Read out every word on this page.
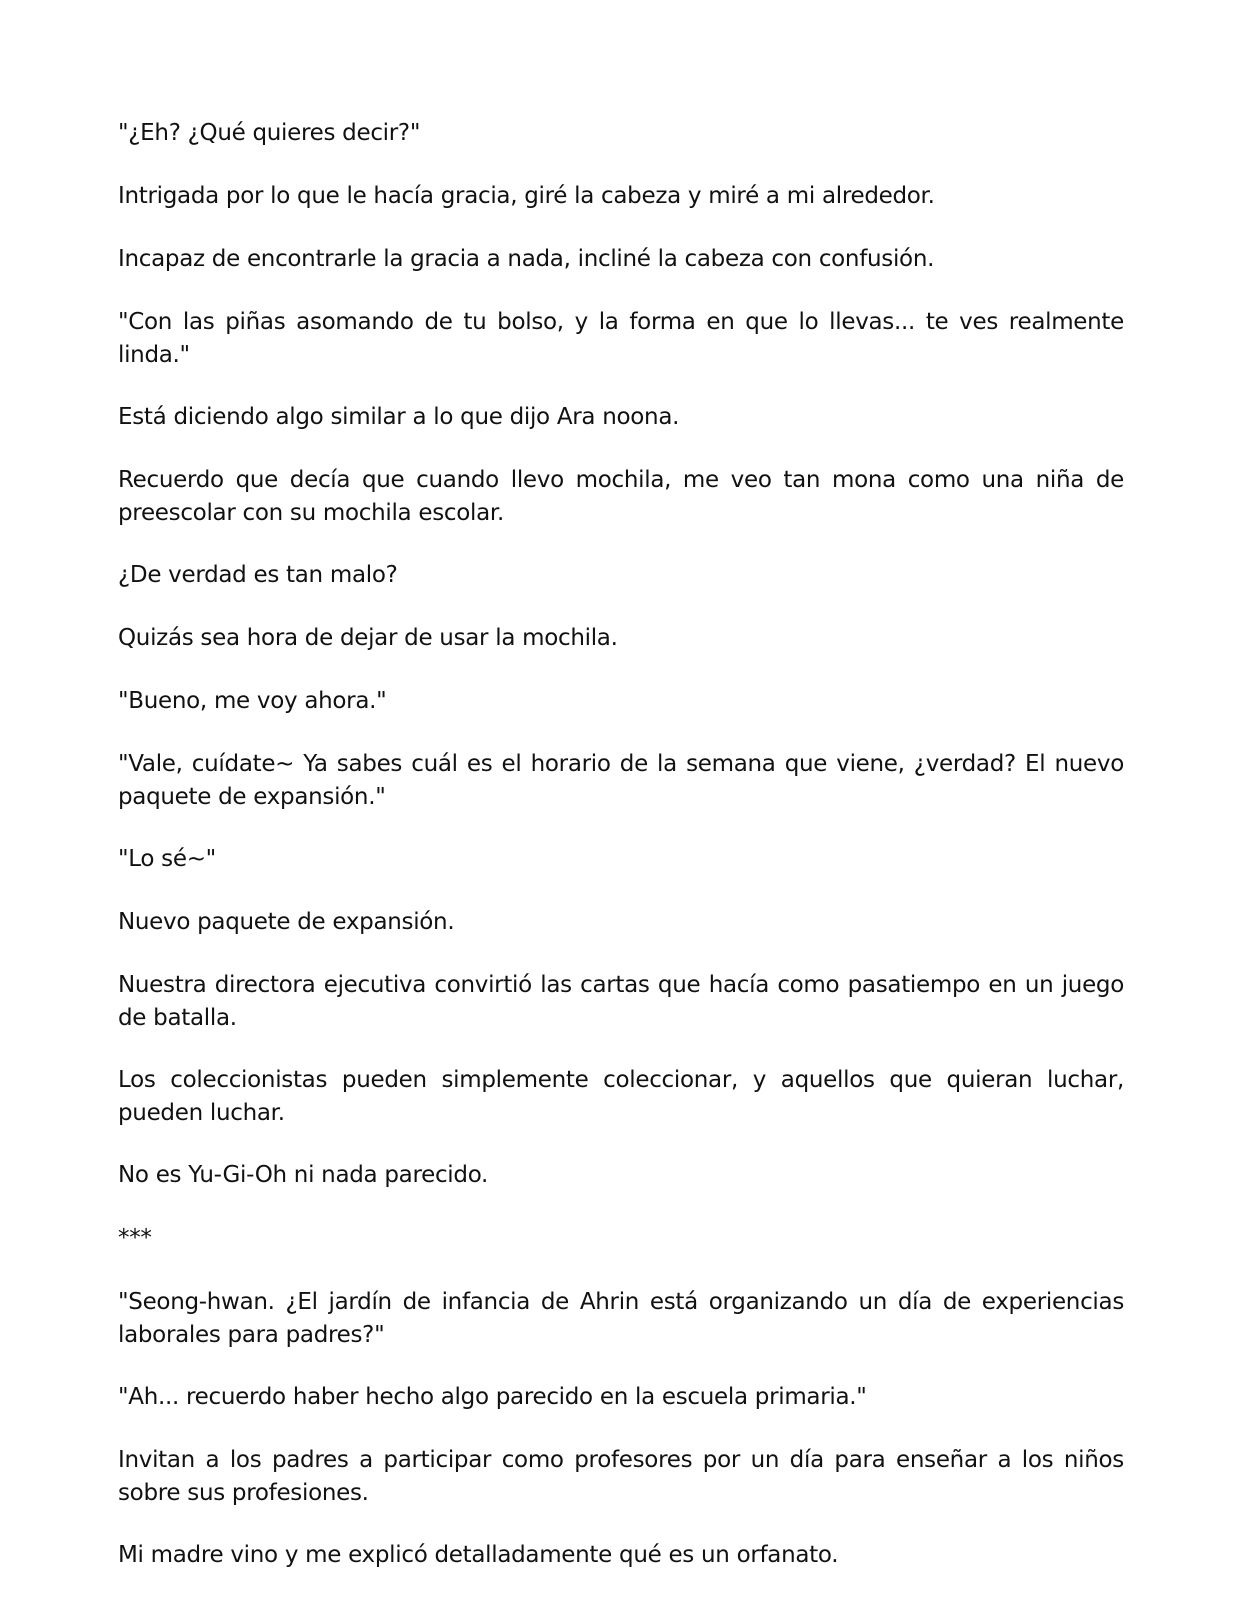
"¿Eh? ¿Qué quieres decir?"

Intrigada por lo que le hacía gracia, giré la cabeza y miré a mi alrededor.

Incapaz de encontrarle la gracia a nada, incliné la cabeza con confusión.

"Con las piñas asomando de tu bolso, y la forma en que lo llevas... te ves realmente linda."

Está diciendo algo similar a lo que dijo Ara noona.

Recuerdo que decía que cuando llevo mochila, me veo tan mona como una niña de preescolar con su mochila escolar.

¿De verdad es tan malo?

Quizás sea hora de dejar de usar la mochila.

"Bueno, me voy ahora."

"Vale, cuídate~ Ya sabes cuál es el horario de la semana que viene, ¿verdad? El nuevo paquete de expansión."

"Lo sé~"

Nuevo paquete de expansión.

Nuestra directora ejecutiva convirtió las cartas que hacía como pasatiempo en un juego de batalla.

Los coleccionistas pueden simplemente coleccionar, y aquellos que quieran luchar, pueden luchar.

No es Yu-Gi-Oh ni nada parecido.

***

"Seong-hwan. ¿El jardín de infancia de Ahrin está organizando un día de experiencias laborales para padres?"

"Ah... recuerdo haber hecho algo parecido en la escuela primaria."

Invitan a los padres a participar como profesores por un día para enseñar a los niños sobre sus profesiones.

Mi madre vino y me explicó detalladamente qué es un orfanato.
